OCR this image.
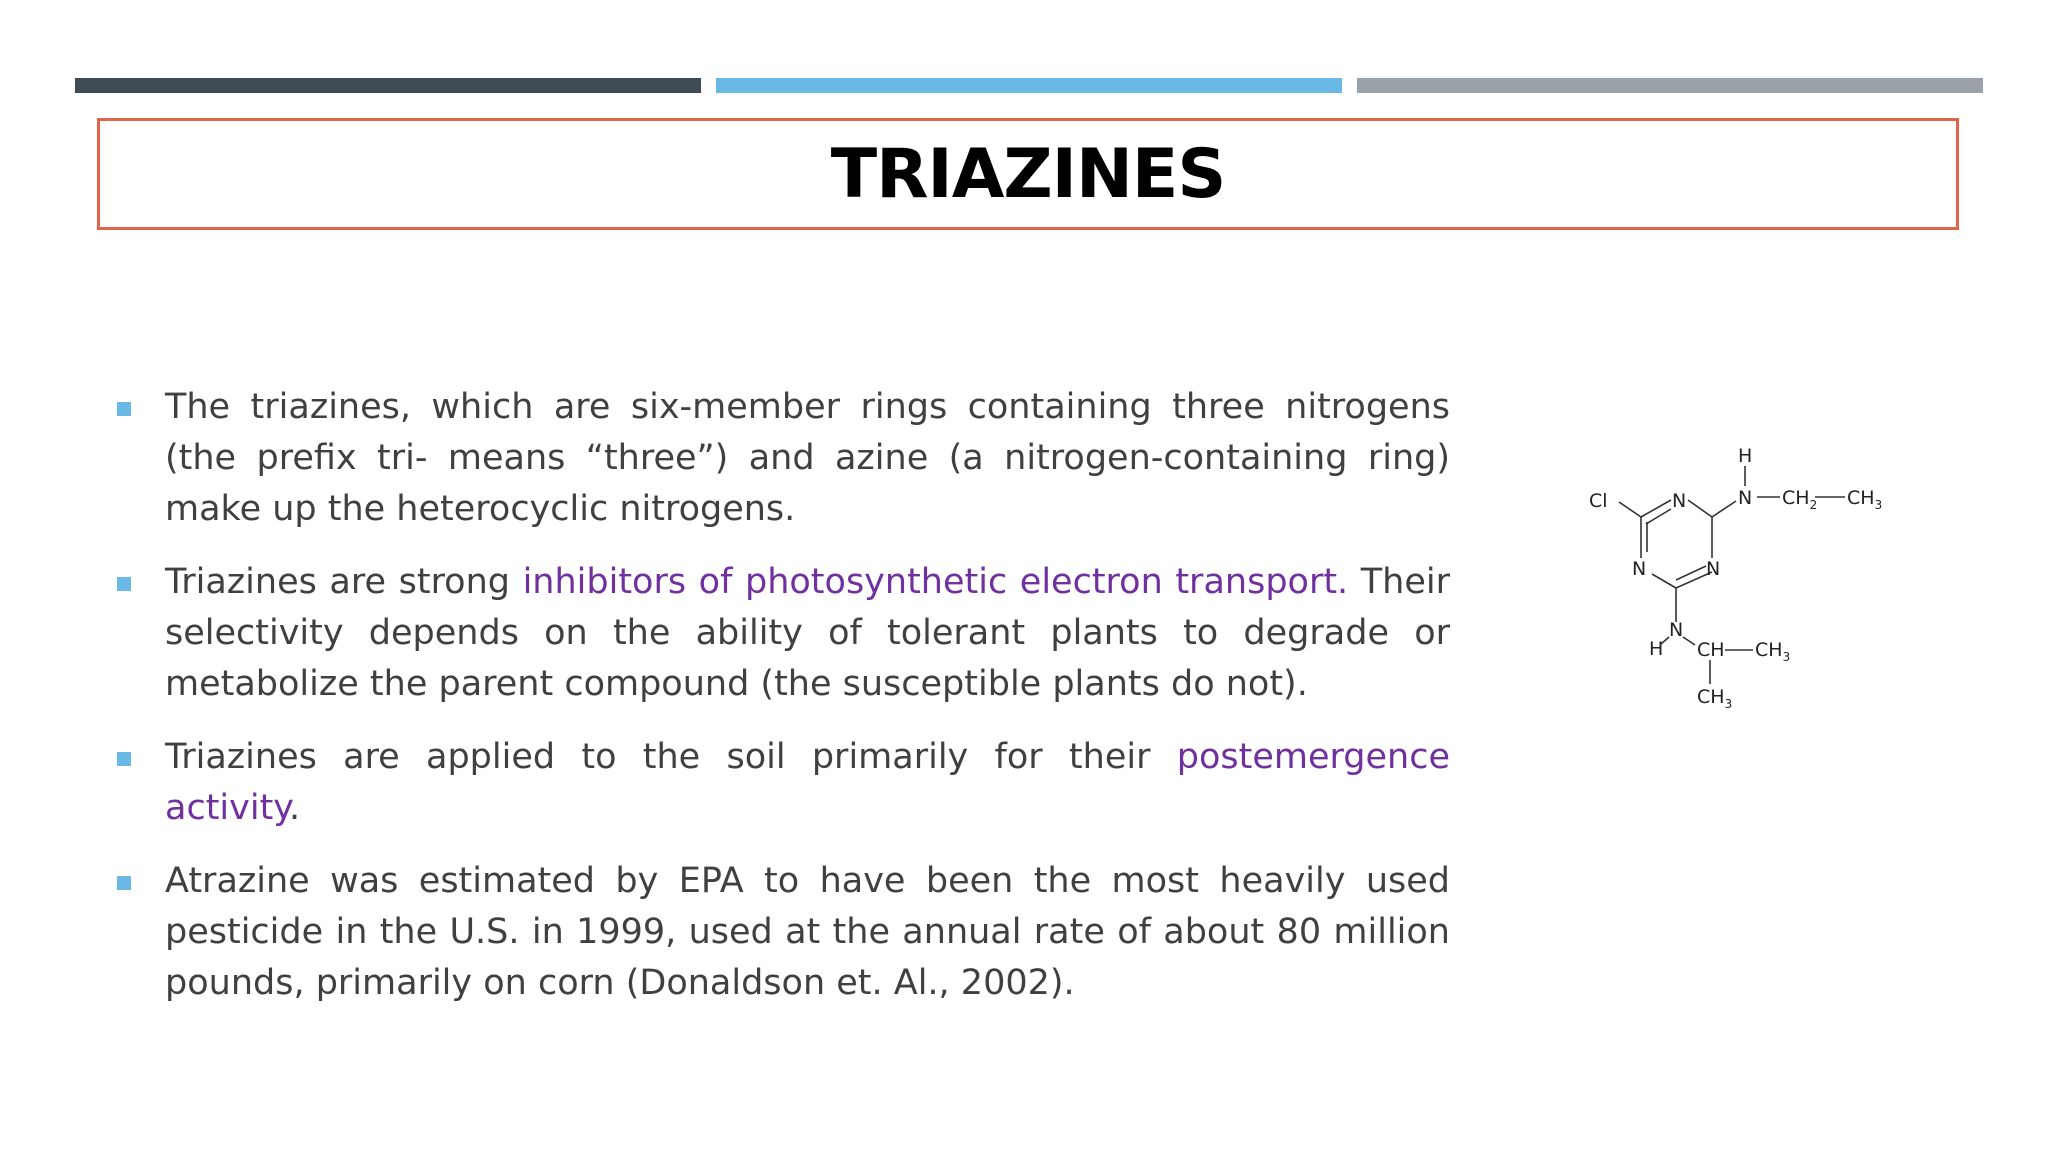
TRIAZINES
The triazines, which are six-member rings containing three nitrogens (the prefix tri- means “three”) and azine (a nitrogen-containing ring) make up the heterocyclic nitrogens.
Triazines are strong inhibitors of photosynthetic electron transport. Their selectivity depends on the ability of tolerant plants to degrade or metabolize the parent compound (the susceptible plants do not).
Triazines are applied to the soil primarily for their postemergence activity.
Atrazine was estimated by EPA to have been the most heavily used pesticide in the U.S. in 1999, used at the annual rate of about 80 million pounds, primarily on corn (Donaldson et. Al., 2002).
Cl	N
N	N
H
N $CH_2$ $CH_3$
N
H CH $CH_3$
$CH_3$
